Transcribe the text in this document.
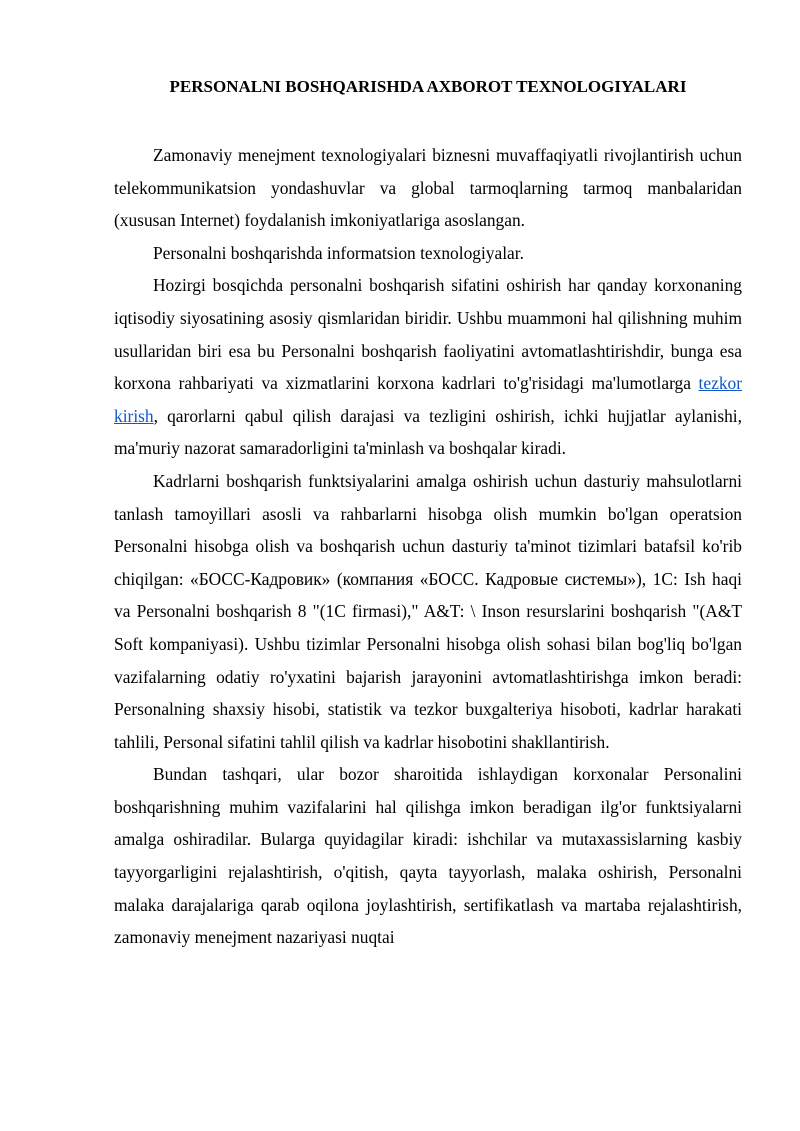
PERSONALNI BOSHQARISHDA AXBOROT TEXNOLOGIYALARI

Zamonaviy menejment texnologiyalari biznesni muvaffaqiyatli rivojlantirish uchun telekommunikatsion yondashuvlar va global tarmoqlarning tarmoq manbalaridan (xususan Internet) foydalanish imkoniyatlariga asoslangan.

Personalni boshqarishda informatsion texnologiyalar.

Hozirgi bosqichda personalni boshqarish sifatini oshirish har qanday korxonaning iqtisodiy siyosatining asosiy qismlaridan biridir. Ushbu muammoni hal qilishning muhim usullaridan biri esa bu Personalni boshqarish faoliyatini avtomatlashtirishdir, bunga esa korxona rahbariyati va xizmatlarini korxona kadrlari to'g'risidagi ma'lumotlarga tezkor kirish, qarorlarni qabul qilish darajasi va tezligini oshirish, ichki hujjatlar aylanishi, ma'muriy nazorat samaradorligini ta'minlash va boshqalar kiradi.

Kadrlarni boshqarish funktsiyalarini amalga oshirish uchun dasturiy mahsulotlarni tanlash tamoyillari asosli va rahbarlarni hisobga olish mumkin bo'lgan operatsion Personalni hisobga olish va boshqarish uchun dasturiy ta'minot tizimlari batafsil ko'rib chiqilgan: «БОСС-Кадровик» (компания «БОСС. Кадровые системы»), 1C: Ish haqi va Personalni boshqarish 8 "(1C firmasi)," A&T: \ Inson resurslarini boshqarish "(A&T Soft kompaniyasi). Ushbu tizimlar Personalni hisobga olish sohasi bilan bog'liq bo'lgan vazifalarning odatiy ro'yxatini bajarish jarayonini avtomatlashtirishga imkon beradi: Personalning shaxsiy hisobi, statistik va tezkor buxgalteriya hisoboti, kadrlar harakati tahlili, Personal sifatini tahlil qilish va kadrlar hisobotini shakllantirish.

Bundan tashqari, ular bozor sharoitida ishlaydigan korxonalar Personalini boshqarishning muhim vazifalarini hal qilishga imkon beradigan ilg'or funktsiyalarni amalga oshiradilar. Bularga quyidagilar kiradi: ishchilar va mutaxassislarning kasbiy tayyorgarligini rejalashtirish, o'qitish, qayta tayyorlash, malaka oshirish, Personalni malaka darajalariga qarab oqilona joylashtirish, sertifikatlash va martaba rejalashtirish, zamonaviy menejment nazariyasi nuqtai
